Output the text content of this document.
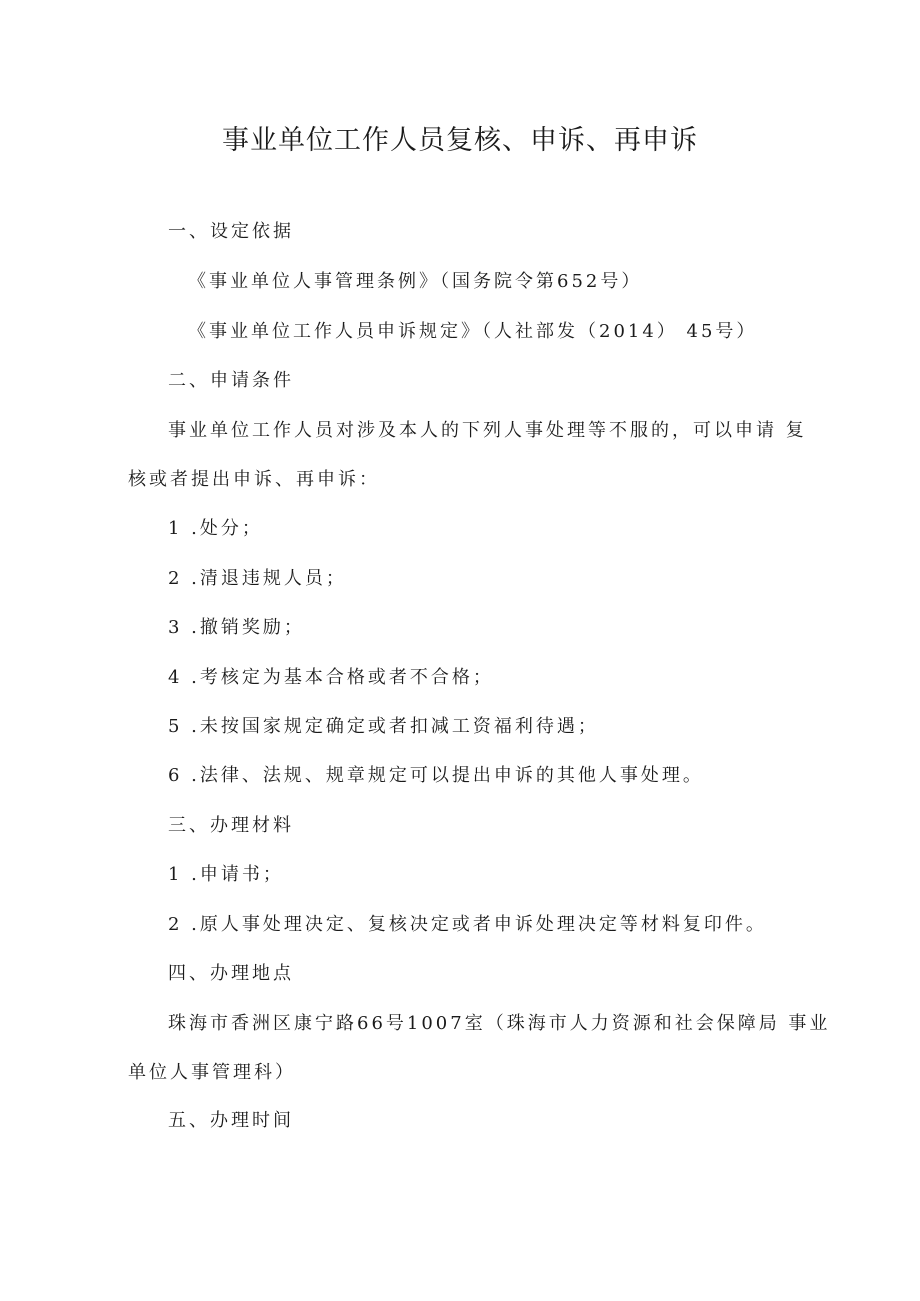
事业单位工作人员复核、申诉、再申诉

一、设定依据

《事业单位人事管理条例》（国务院令第652号）

《事业单位工作人员申诉规定》（人社部发（2014） 45号）

二、申请条件

事业单位工作人员对涉及本人的下列人事处理等不服的，可以申请 复

核或者提出申诉、再申诉：

1 .处分；

2 .清退违规人员；

3 .撤销奖励；

4 .考核定为基本合格或者不合格；

5 .未按国家规定确定或者扣减工资福利待遇；

6 .法律、法规、规章规定可以提出申诉的其他人事处理。

三、办理材料

1 .申请书；

2 .原人事处理决定、复核决定或者申诉处理决定等材料复印件。

四、办理地点

珠海市香洲区康宁路66号1007室（珠海市人力资源和社会保障局 事业

单位人事管理科）

五、办理时间
